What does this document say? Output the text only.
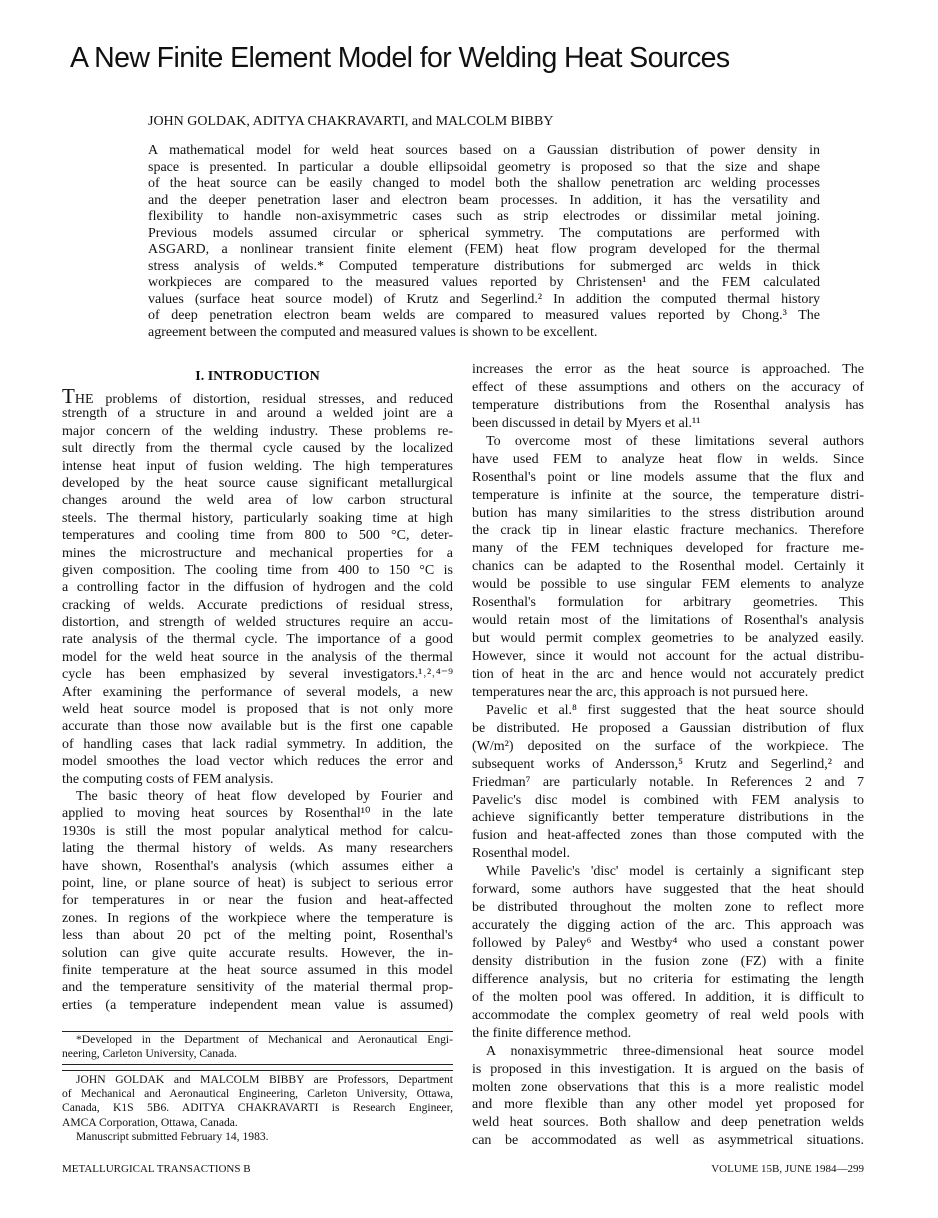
A New Finite Element Model for Welding Heat Sources
JOHN GOLDAK, ADITYA CHAKRAVARTI, and MALCOLM BIBBY
A mathematical model for weld heat sources based on a Gaussian distribution of power density in
space is presented. In particular a double ellipsoidal geometry is proposed so that the size and shape
of the heat source can be easily changed to model both the shallow penetration arc welding processes
and the deeper penetration laser and electron beam processes. In addition, it has the versatility and
flexibility to handle non-axisymmetric cases such as strip electrodes or dissimilar metal joining.
Previous models assumed circular or spherical symmetry. The computations are performed with
ASGARD, a nonlinear transient finite element (FEM) heat flow program developed for the thermal
stress analysis of welds.* Computed temperature distributions for submerged arc welds in thick
workpieces are compared to the measured values reported by Christensen¹ and the FEM calculated
values (surface heat source model) of Krutz and Segerlind.² In addition the computed thermal history
of deep penetration electron beam welds are compared to measured values reported by Chong.³ The
agreement between the computed and measured values is shown to be excellent.
I. INTRODUCTION
THE problems of distortion, residual stresses, and reduced
strength of a structure in and around a welded joint are a
major concern of the welding industry. These problems re-
sult directly from the thermal cycle caused by the localized
intense heat input of fusion welding. The high temperatures
developed by the heat source cause significant metallurgical
changes around the weld area of low carbon structural
steels. The thermal history, particularly soaking time at high
temperatures and cooling time from 800 to 500 °C, deter-
mines the microstructure and mechanical properties for a
given composition. The cooling time from 400 to 150 °C is
a controlling factor in the diffusion of hydrogen and the cold
cracking of welds. Accurate predictions of residual stress,
distortion, and strength of welded structures require an accu-
rate analysis of the thermal cycle. The importance of a good
model for the weld heat source in the analysis of the thermal
cycle has been emphasized by several investigators.¹˒²˒⁴⁻⁹
After examining the performance of several models, a new
weld heat source model is proposed that is not only more
accurate than those now available but is the first one capable
of handling cases that lack radial symmetry. In addition, the
model smoothes the load vector which reduces the error and
the computing costs of FEM analysis.
The basic theory of heat flow developed by Fourier and
applied to moving heat sources by Rosenthal¹⁰ in the late
1930s is still the most popular analytical method for calcu-
lating the thermal history of welds. As many researchers
have shown, Rosenthal's analysis (which assumes either a
point, line, or plane source of heat) is subject to serious error
for temperatures in or near the fusion and heat-affected
zones. In regions of the workpiece where the temperature is
less than about 20 pct of the melting point, Rosenthal's
solution can give quite accurate results. However, the in-
finite temperature at the heat source assumed in this model
and the temperature sensitivity of the material thermal prop-
erties (a temperature independent mean value is assumed)
increases the error as the heat source is approached. The
effect of these assumptions and others on the accuracy of
temperature distributions from the Rosenthal analysis has
been discussed in detail by Myers et al.¹¹
To overcome most of these limitations several authors
have used FEM to analyze heat flow in welds. Since
Rosenthal's point or line models assume that the flux and
temperature is infinite at the source, the temperature distri-
bution has many similarities to the stress distribution around
the crack tip in linear elastic fracture mechanics. Therefore
many of the FEM techniques developed for fracture me-
chanics can be adapted to the Rosenthal model. Certainly it
would be possible to use singular FEM elements to analyze
Rosenthal's formulation for arbitrary geometries. This
would retain most of the limitations of Rosenthal's analysis
but would permit complex geometries to be analyzed easily.
However, since it would not account for the actual distribu-
tion of heat in the arc and hence would not accurately predict
temperatures near the arc, this approach is not pursued here.
Pavelic et al.⁸ first suggested that the heat source should
be distributed. He proposed a Gaussian distribution of flux
(W/m²) deposited on the surface of the workpiece. The
subsequent works of Andersson,⁵ Krutz and Segerlind,² and
Friedman⁷ are particularly notable. In References 2 and 7
Pavelic's disc model is combined with FEM analysis to
achieve significantly better temperature distributions in the
fusion and heat-affected zones than those computed with the
Rosenthal model.
While Pavelic's 'disc' model is certainly a significant step
forward, some authors have suggested that the heat should
be distributed throughout the molten zone to reflect more
accurately the digging action of the arc. This approach was
followed by Paley⁶ and Westby⁴ who used a constant power
density distribution in the fusion zone (FZ) with a finite
difference analysis, but no criteria for estimating the length
of the molten pool was offered. In addition, it is difficult to
accommodate the complex geometry of real weld pools with
the finite difference method.
A nonaxisymmetric three-dimensional heat source model
is proposed in this investigation. It is argued on the basis of
molten zone observations that this is a more realistic model
and more flexible than any other model yet proposed for
weld heat sources. Both shallow and deep penetration welds
can be accommodated as well as asymmetrical situations.
*Developed in the Department of Mechanical and Aeronautical Engi-
neering, Carleton University, Canada.
JOHN GOLDAK and MALCOLM BIBBY are Professors, Department
of Mechanical and Aeronautical Engineering, Carleton University, Ottawa,
Canada, K1S 5B6. ADITYA CHAKRAVARTI is Research Engineer,
AMCA Corporation, Ottawa, Canada.
Manuscript submitted February 14, 1983.
METALLURGICAL TRANSACTIONS B	VOLUME 15B, JUNE 1984—299
